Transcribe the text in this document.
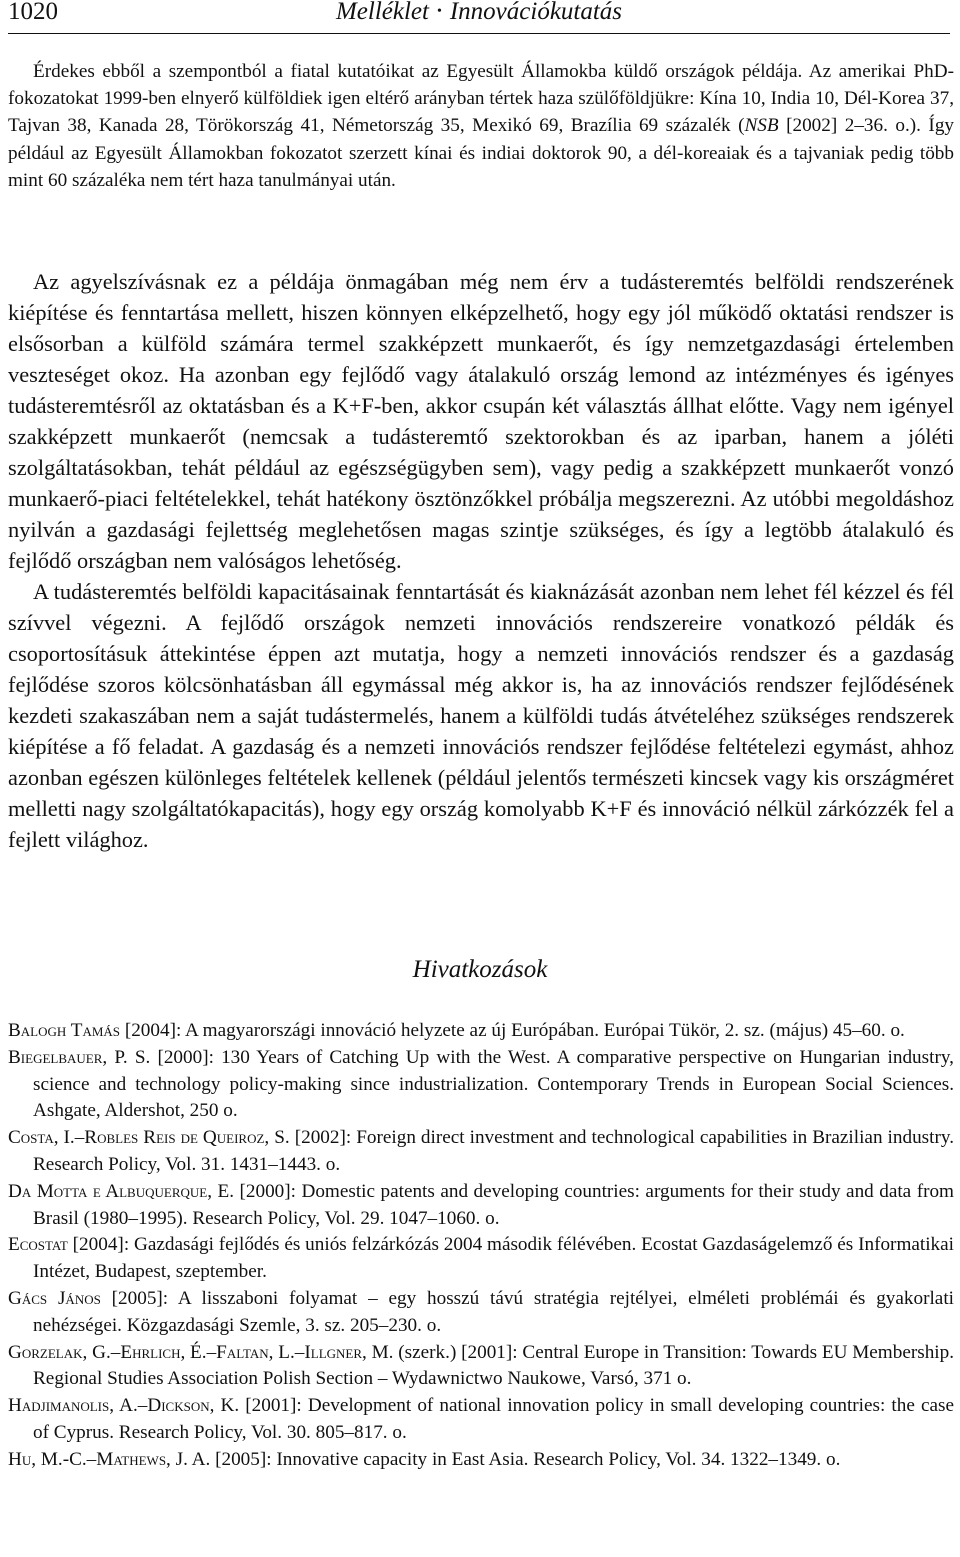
1020	Melléklet • Innovációkutatás
Érdekes ebből a szempontból a fiatal kutatóikat az Egyesült Államokba küldő országok példája. Az amerikai PhD-fokozatokat 1999-ben elnyerő külföldiek igen eltérő arányban tértek haza szülőföldjükre: Kína 10, India 10, Dél-Korea 37, Tajvan 38, Kanada 28, Törökország 41, Németország 35, Mexikó 69, Brazília 69 százalék (NSB [2002] 2–36. o.). Így például az Egyesült Államokban fokozatot szerzett kínai és indiai doktorok 90, a dél-koreaiak és a tajvaniak pedig több mint 60 százaléka nem tért haza tanulmányai után.

Az agyelszívásnak ez a példája önmagában még nem érv a tudásteremtés belföldi rendszerének kiépítése és fenntartása mellett, hiszen könnyen elképzelhető, hogy egy jól működő oktatási rendszer is elsősorban a külföld számára termel szakképzett munkaerőt, és így nemzetgazdasági értelemben veszteséget okoz. Ha azonban egy fejlődő vagy átalakuló ország lemond az intézményes és igényes tudásteremtésről az oktatásban és a K+F-ben, akkor csupán két választás állhat előtte. Vagy nem igényel szakképzett munkaerőt (nemcsak a tudásteremtő szektorokban és az iparban, hanem a jóléti szolgáltatásokban, tehát például az egészségügyben sem), vagy pedig a szakképzett munkaerőt vonzó munkaerő-piaci feltételekkel, tehát hatékony ösztönzőkkel próbálja megszerezni. Az utóbbi megoldáshoz nyilván a gazdasági fejlettség meglehetősen magas szintje szükséges, és így a legtöbb átalakuló és fejlődő országban nem valóságos lehetőség.

A tudásteremtés belföldi kapacitásainak fenntartását és kiaknázását azonban nem lehet fél kézzel és fél szívvel végezni. A fejlődő országok nemzeti innovációs rendszereire vonatkozó példák és csoportosításuk áttekintése éppen azt mutatja, hogy a nemzeti innovációs rendszer és a gazdaság fejlődése szoros kölcsönhatásban áll egymással még akkor is, ha az innovációs rendszer fejlődésének kezdeti szakaszában nem a saját tudástermelés, hanem a külföldi tudás átvételéhez szükséges rendszerek kiépítése a fő feladat. A gazdaság és a nemzeti innovációs rendszer fejlődése feltételezi egymást, ahhoz azonban egészen különleges feltételek kellenek (például jelentős természeti kincsek vagy kis országméret melletti nagy szolgáltatókapacitás), hogy egy ország komolyabb K+F és innováció nélkül zárkózzék fel a fejlett világhoz.

Hivatkozások
Balogh Tamás [2004]: A magyarországi innováció helyzete az új Európában. Európai Tükör, 2. sz. (május) 45–60. o.
Biegelbauer, P. S. [2000]: 130 Years of Catching Up with the West. A comparative perspective on Hungarian industry, science and technology policy-making since industrialization. Contemporary Trends in European Social Sciences. Ashgate, Aldershot, 250 o.
Costa, I.–Robles Reis de Queiroz, S. [2002]: Foreign direct investment and technological capabilities in Brazilian industry. Research Policy, Vol. 31. 1431–1443. o.
Da Motta e Albuquerque, E. [2000]: Domestic patents and developing countries: arguments for their study and data from Brasil (1980–1995). Research Policy, Vol. 29. 1047–1060. o.
Ecostat [2004]: Gazdasági fejlődés és uniós felzárkózás 2004 második félévében. Ecostat Gazdaságelemző és Informatikai Intézet, Budapest, szeptember.
Gács János [2005]: A lisszaboni folyamat – egy hosszú távú stratégia rejtélyei, elméleti problémái és gyakorlati nehézségei. Közgazdasági Szemle, 3. sz. 205–230. o.
Gorzelak, G.–Ehrlich, É.–Faltan, L.–Illgner, M. (szerk.) [2001]: Central Europe in Transition: Towards EU Membership. Regional Studies Association Polish Section – Wydawnictwo Naukowe, Varsó, 371 o.
Hadjimanolis, A.–Dickson, K. [2001]: Development of national innovation policy in small developing countries: the case of Cyprus. Research Policy, Vol. 30. 805–817. o.
Hu, M.-C.–Mathews, J. A. [2005]: Innovative capacity in East Asia. Research Policy, Vol. 34. 1322–1349. o.
